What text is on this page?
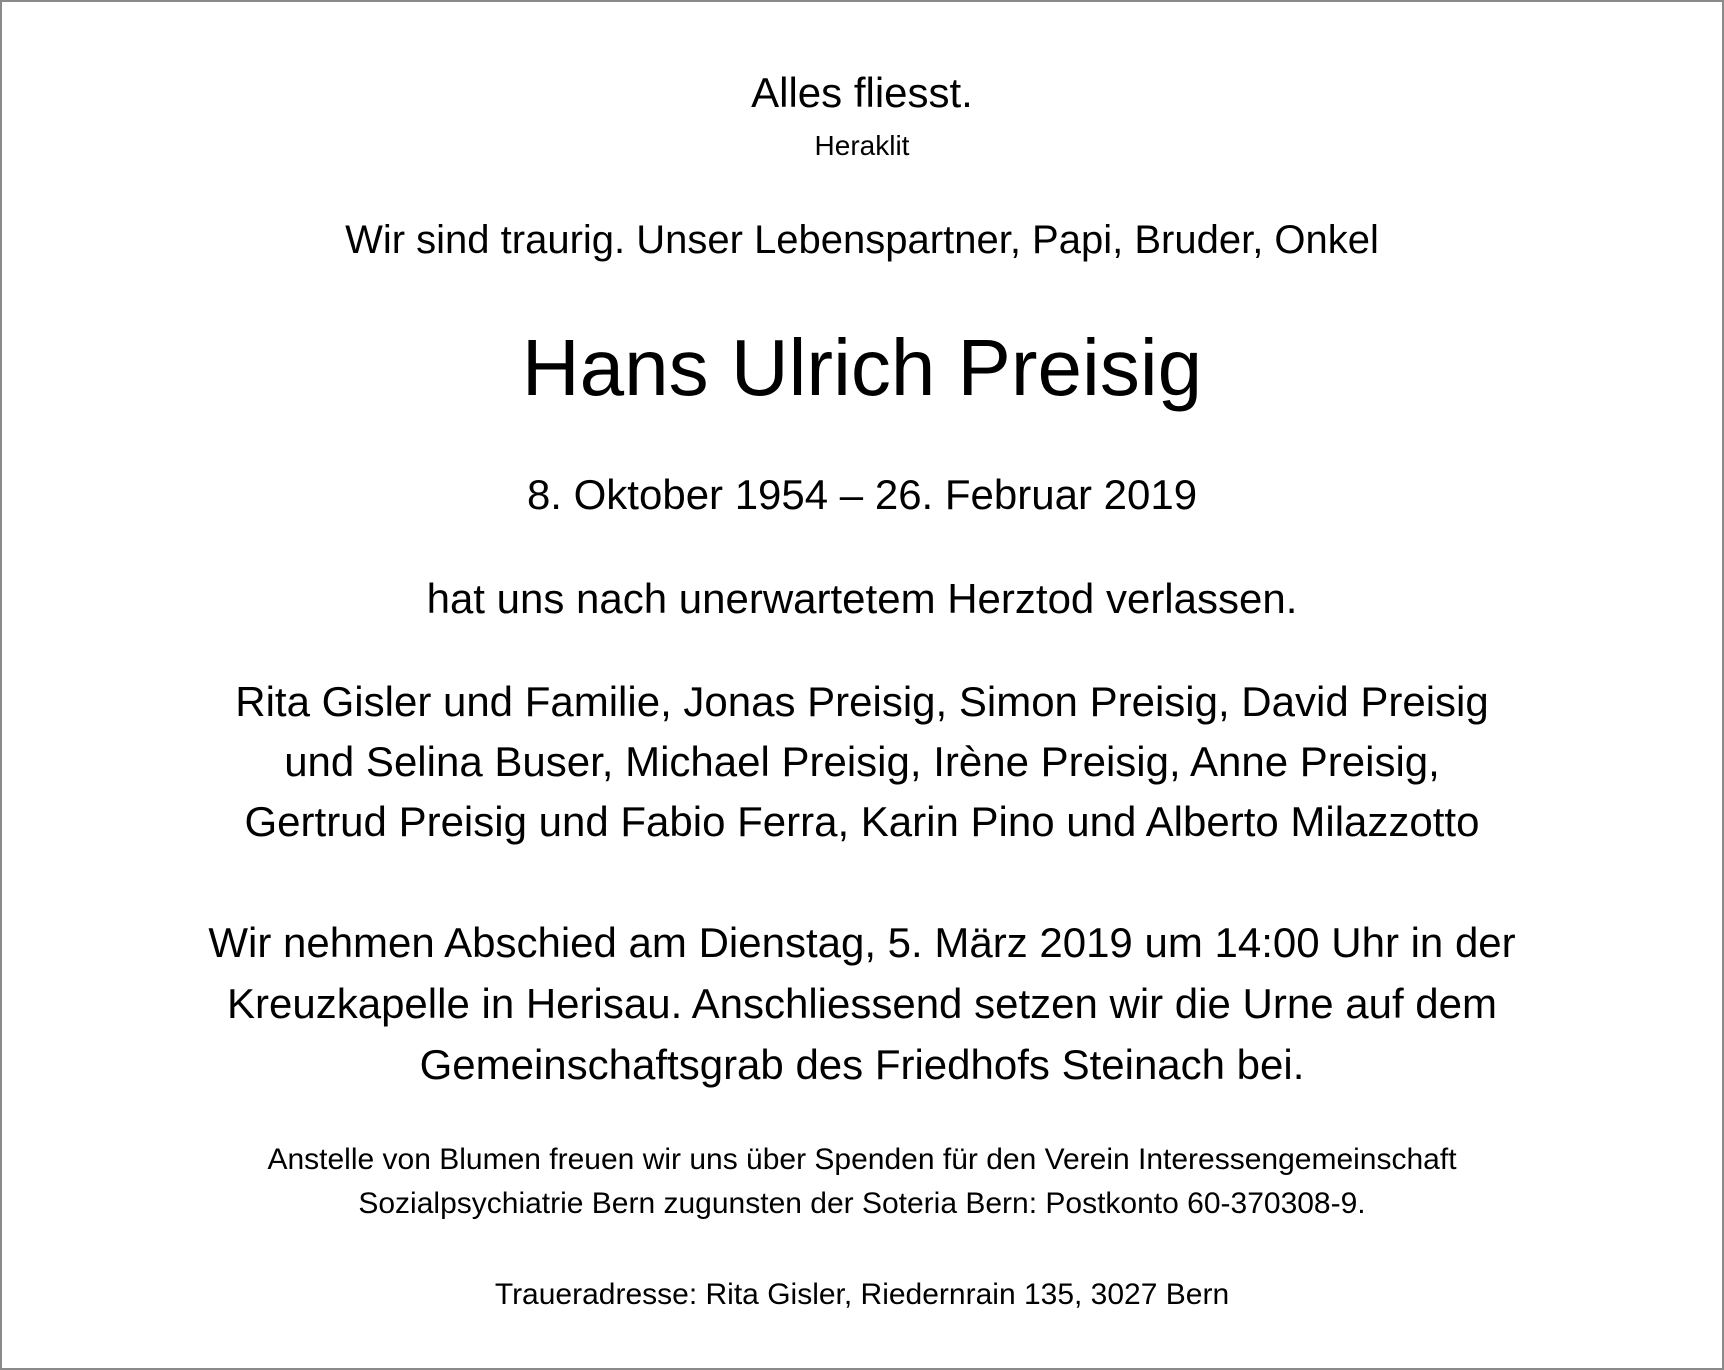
Alles fliesst.
Heraklit
Wir sind traurig. Unser Lebenspartner, Papi, Bruder, Onkel
Hans Ulrich Preisig
8. Oktober 1954 – 26. Februar 2019
hat uns nach unerwartetem Herztod verlassen.
Rita Gisler und Familie, Jonas Preisig, Simon Preisig, David Preisig
und Selina Buser, Michael Preisig, Irène Preisig, Anne Preisig,
Gertrud Preisig und Fabio Ferra, Karin Pino und Alberto Milazzotto
Wir nehmen Abschied am Dienstag, 5. März 2019 um 14:00 Uhr in der
Kreuzkapelle in Herisau. Anschliessend setzen wir die Urne auf dem
Gemeinschaftsgrab des Friedhofs Steinach bei.
Anstelle von Blumen freuen wir uns über Spenden für den Verein Interessengemeinschaft
Sozialpsychiatrie Bern zugunsten der Soteria Bern: Postkonto 60-370308-9.
Traueradresse: Rita Gisler, Riedernrain 135, 3027 Bern
